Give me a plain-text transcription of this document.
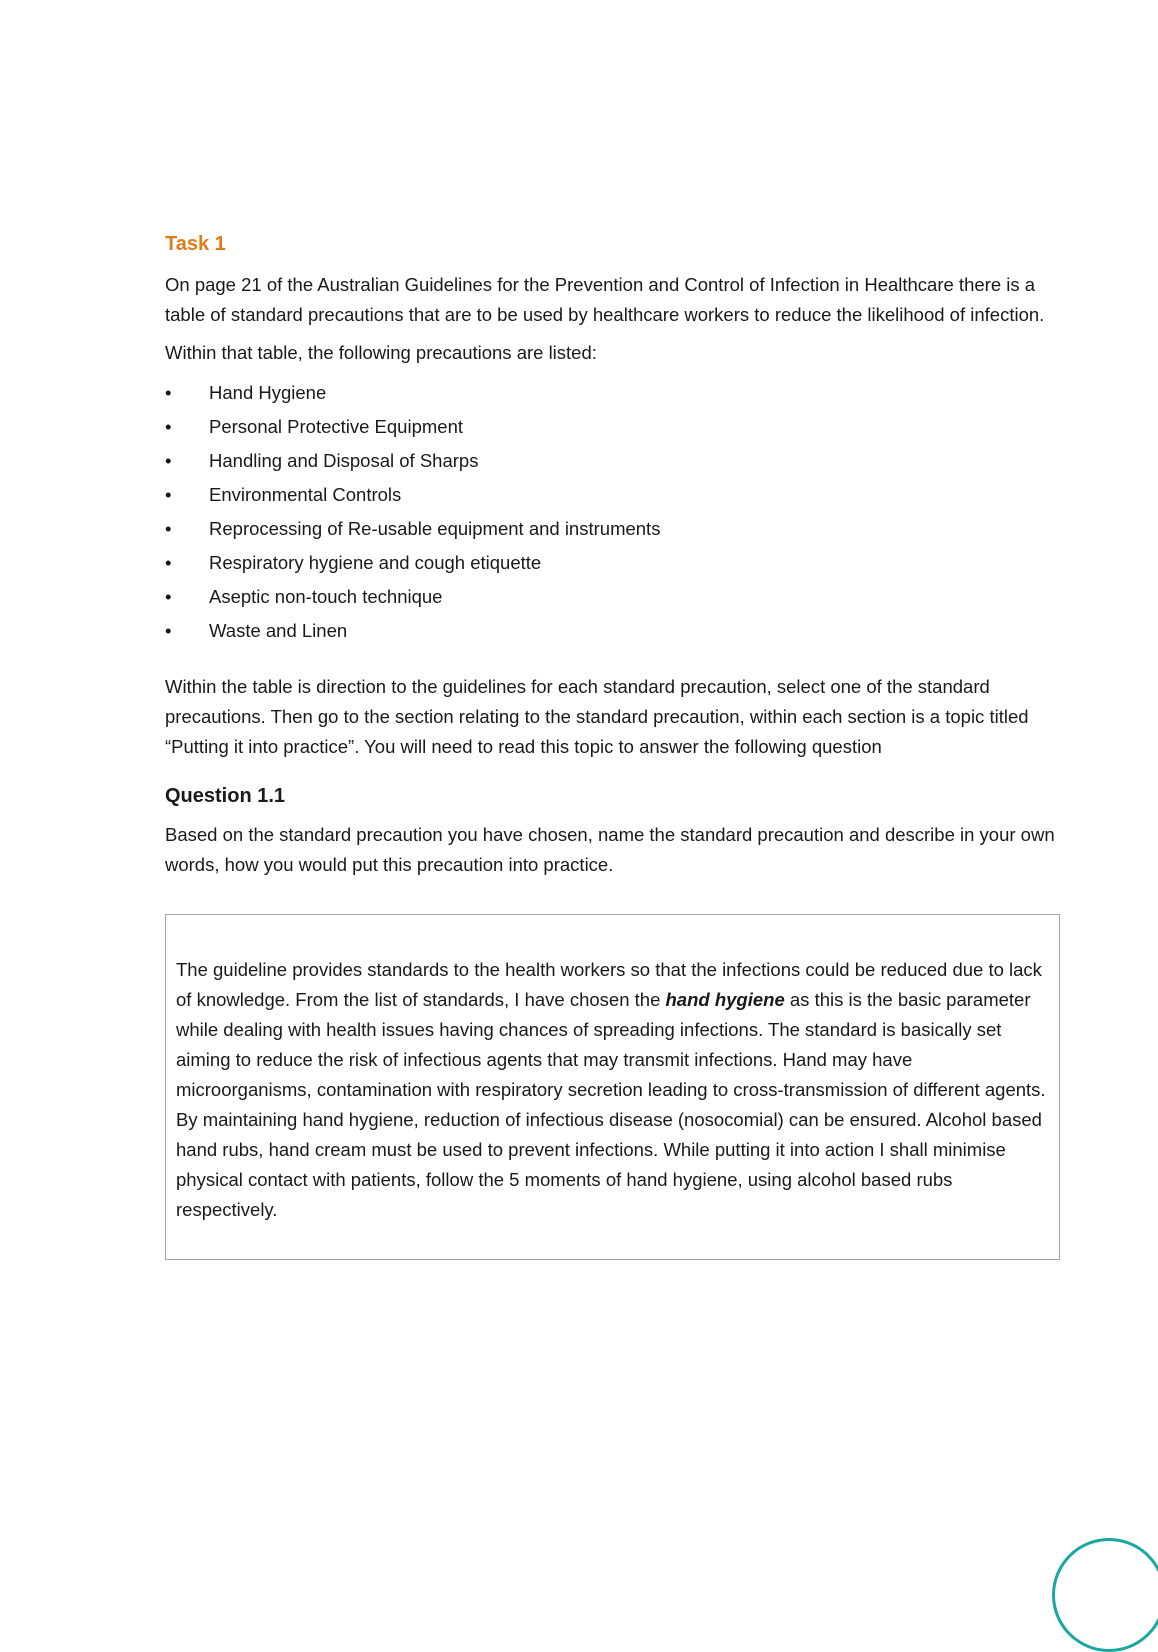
Task 1

On page 21 of the Australian Guidelines for the Prevention and Control of Infection in Healthcare there is a table of standard precautions that are to be used by healthcare workers to reduce the likelihood of infection.

Within that table, the following precautions are listed:

•	Hand Hygiene
•	Personal Protective Equipment
•	Handling and Disposal of Sharps
•	Environmental Controls
•	Reprocessing of Re-usable equipment and instruments
•	Respiratory hygiene and cough etiquette
•	Aseptic non-touch technique
•	Waste and Linen

Within the table is direction to the guidelines for each standard precaution, select one of the standard precautions. Then go to the section relating to the standard precaution, within each section is a topic titled “Putting it into practice”. You will need to read this topic to answer the following question

Question 1.1

Based on the standard precaution you have chosen, name the standard precaution and describe in your own words, how you would put this precaution into practice.

The guideline provides standards to the health workers so that the infections could be reduced due to lack of knowledge. From the list of standards, I have chosen the hand hygiene as this is the basic parameter while dealing with health issues having chances of spreading infections. The standard is basically set aiming to reduce the risk of infectious agents that may transmit infections. Hand may have microorganisms, contamination with respiratory secretion leading to cross-transmission of different agents. By maintaining hand hygiene, reduction of infectious disease (nosocomial) can be ensured. Alcohol based hand rubs, hand cream must be used to prevent infections. While putting it into action I shall minimise physical contact with patients, follow the 5 moments of hand hygiene, using alcohol based rubs respectively.
